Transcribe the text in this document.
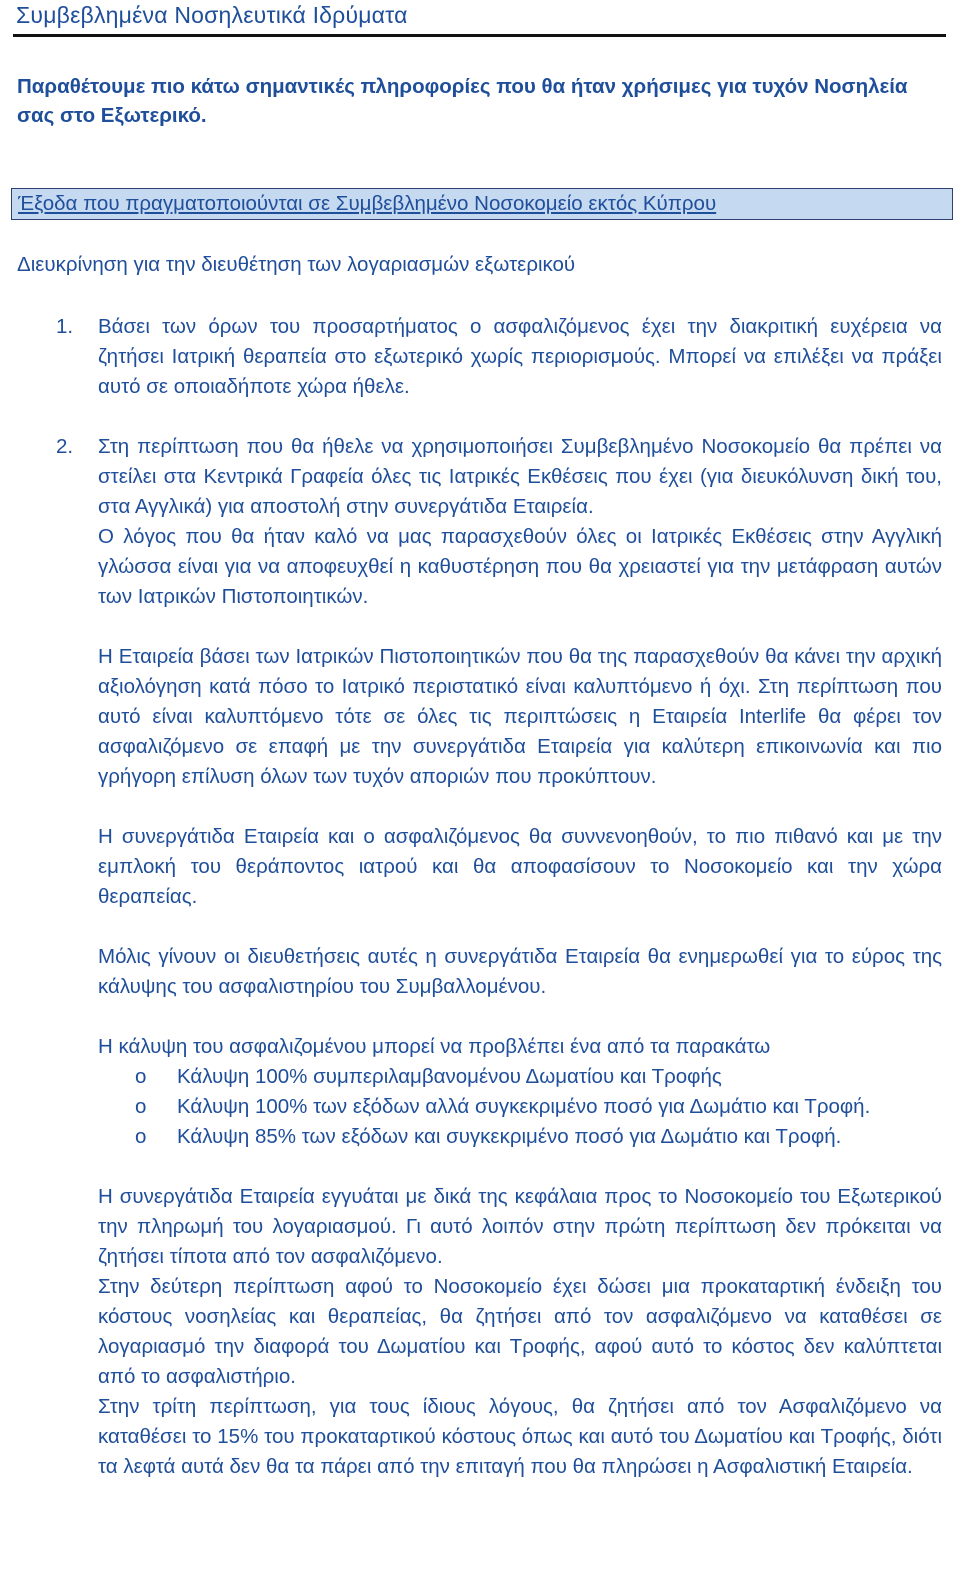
Συμβεβλημένα Νοσηλευτικά Ιδρύματα
Παραθέτουμε πιο κάτω σημαντικές πληροφορίες που θα ήταν χρήσιμες για τυχόν Νοσηλεία σας στο Εξωτερικό.
Έξοδα που πραγματοποιούνται σε Συμβεβλημένο Νοσοκομείο εκτός Κύπρου
Διευκρίνηση για την διευθέτηση των λογαριασμών εξωτερικού
1. Βάσει των όρων του προσαρτήματος ο ασφαλιζόμενος έχει την διακριτική ευχέρεια να ζητήσει Ιατρική θεραπεία στο εξωτερικό χωρίς περιορισμούς. Μπορεί να επιλέξει να πράξει αυτό σε οποιαδήποτε χώρα ήθελε.

2. Στη περίπτωση που θα ήθελε να χρησιμοποιήσει Συμβεβλημένο Νοσοκομείο θα πρέπει να στείλει στα Κεντρικά Γραφεία όλες τις Ιατρικές Εκθέσεις που έχει (για διευκόλυνση δική του, στα Αγγλικά) για αποστολή στην συνεργάτιδα Εταιρεία.

Ο λόγος που θα ήταν καλό να μας παρασχεθούν όλες οι Ιατρικές Εκθέσεις στην Αγγλική γλώσσα είναι για να αποφευχθεί η καθυστέρηση που θα χρειαστεί για την μετάφραση αυτών των Ιατρικών Πιστοποιητικών.

Η Εταιρεία βάσει των Ιατρικών Πιστοποιητικών που θα της παρασχεθούν θα κάνει την αρχική αξιολόγηση κατά πόσο το Ιατρικό περιστατικό είναι καλυπτόμενο ή όχι. Στη περίπτωση που αυτό είναι καλυπτόμενο τότε σε όλες τις περιπτώσεις η Εταιρεία Interlife θα φέρει τον ασφαλιζόμενο σε επαφή με την συνεργάτιδα Εταιρεία για καλύτερη επικοινωνία και πιο γρήγορη επίλυση όλων των τυχόν αποριών που προκύπτουν.

Η συνεργάτιδα Εταιρεία και ο ασφαλιζόμενος θα συννενοηθούν, το πιο πιθανό και με την εμπλοκή του θεράποντος ιατρού και θα αποφασίσουν το Νοσοκομείο και την χώρα θεραπείας.

Μόλις γίνουν οι διευθετήσεις αυτές η συνεργάτιδα Εταιρεία θα ενημερωθεί για το εύρος της κάλυψης του ασφαλιστηρίου του Συμβαλλομένου.

Η κάλυψη του ασφαλιζομένου μπορεί να προβλέπει ένα από τα παρακάτω

o Κάλυψη 100% συμπεριλαμβανομένου Δωματίου και Τροφής
o Κάλυψη 100% των εξόδων αλλά συγκεκριμένο ποσό για Δωμάτιο και Τροφή.
o Κάλυψη 85% των εξόδων και συγκεκριμένο ποσό για Δωμάτιο και Τροφή.

Η συνεργάτιδα Εταιρεία εγγυάται με δικά της κεφάλαια προς το Νοσοκομείο του Εξωτερικού την πληρωμή του λογαριασμού. Γι αυτό λοιπόν στην πρώτη περίπτωση δεν πρόκειται να ζητήσει τίποτα από τον ασφαλιζόμενο.

Στην δεύτερη περίπτωση αφού το Νοσοκομείο έχει δώσει μια προκαταρτική ένδειξη του κόστους νοσηλείας και θεραπείας, θα ζητήσει από τον ασφαλιζόμενο να καταθέσει σε λογαριασμό την διαφορά του Δωματίου και Τροφής, αφού αυτό το κόστος δεν καλύπτεται από το ασφαλιστήριο.

Στην τρίτη περίπτωση, για τους ίδιους λόγους, θα ζητήσει από τον Ασφαλιζόμενο να καταθέσει το 15% του προκαταρτικού κόστους όπως και αυτό του Δωματίου και Τροφής, διότι τα λεφτά αυτά δεν θα τα πάρει από την επιταγή που θα πληρώσει η Ασφαλιστική Εταιρεία.
